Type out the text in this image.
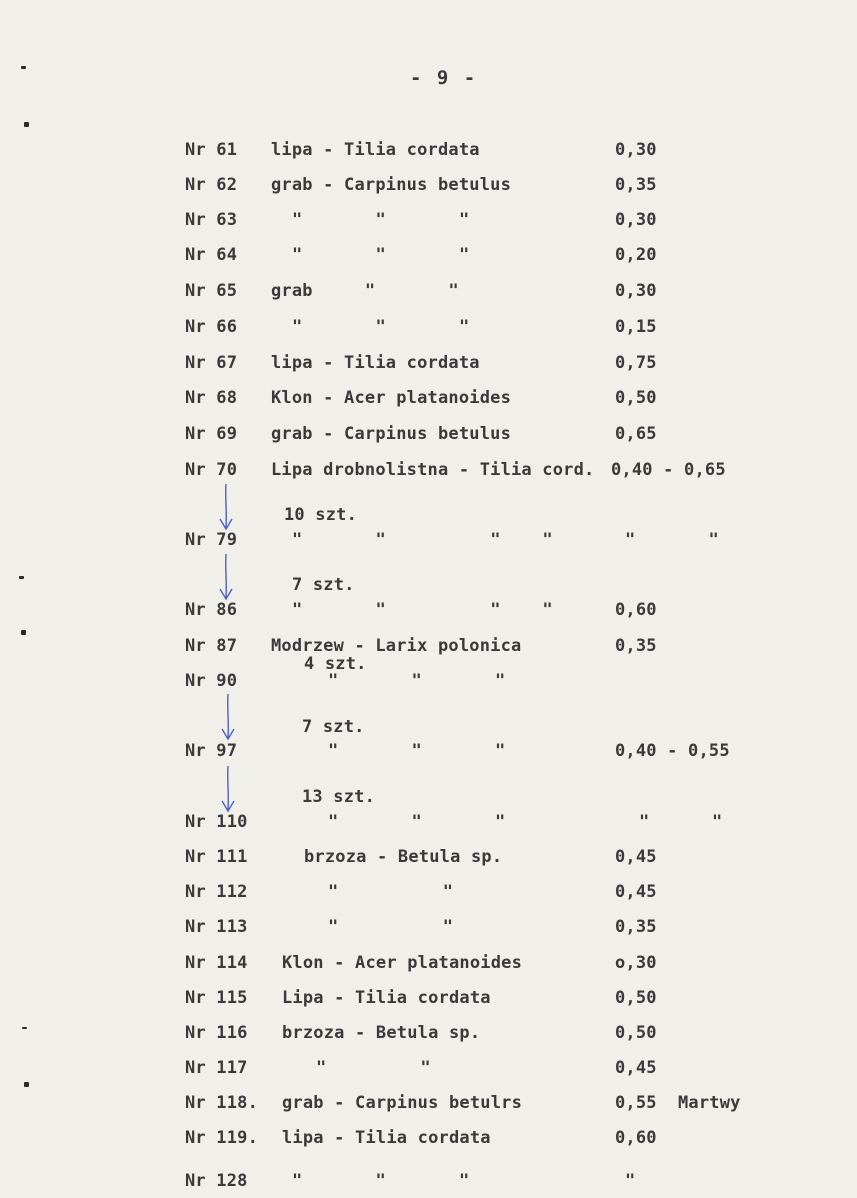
- 9 -
Nr 61
Nr 62
Nr 63
Nr 64
Nr 65
Nr 66
Nr 67
Nr 68
Nr 69
Nr 70
Nr 79
Nr 86
Nr 87
Nr 90
Nr 97
Nr 110
Nr 111
Nr 112
Nr 113
Nr 114
Nr 115
Nr 116
Nr 117
Nr 118.
Nr 119.
Nr 128
lipa - Tilia cordata
grab - Carpinus betulus
"       "       "
"       "       "
grab     "       "
"       "       "
lipa - Tilia cordata
Klon - Acer platanoides
grab - Carpinus betulus
Lipa drobnolistna - Tilia cord.
10 szt.
"       "          "    "
7 szt.
"       "          "    "
Modrzew - Larix polonica
4 szt.
"       "       "
7 szt.
"       "       "
13 szt.
"       "       "
brzoza - Betula sp.
"          "
"          "
Klon - Acer platanoides
Lipa - Tilia cordata
brzoza - Betula sp.
"         "
grab - Carpinus betulrs
lipa - Tilia cordata
"       "       "
0,30
0,35
0,30
0,20
0,30
0,15
0,75
0,50
0,65
0,40 - 0,65
"       "
0,60
0,35
0,40 - 0,55
"      "
0,45
0,45
0,35
o,30
0,50
0,50
0,45
0,55
0,60
"
Martwy
